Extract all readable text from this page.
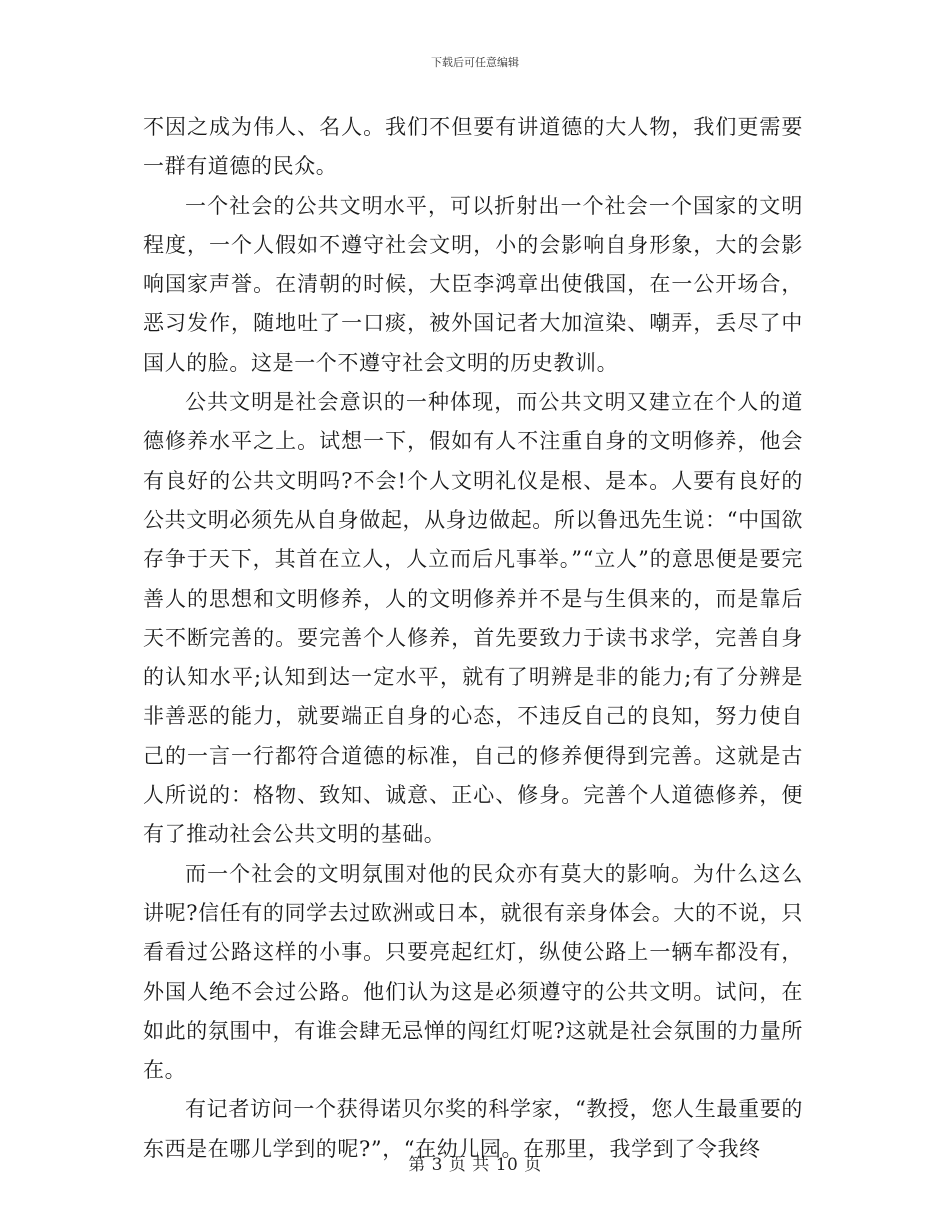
下载后可任意编辑

不因之成为伟人、名人。我们不但要有讲道德的大人物，我们更需要一群有道德的民众。

一个社会的公共文明水平，可以折射出一个社会一个国家的文明程度，一个人假如不遵守社会文明，小的会影响自身形象，大的会影响国家声誉。在清朝的时候，大臣李鸿章出使俄国，在一公开场合，恶习发作，随地吐了一口痰，被外国记者大加渲染、嘲弄，丢尽了中国人的脸。这是一个不遵守社会文明的历史教训。

公共文明是社会意识的一种体现，而公共文明又建立在个人的道德修养水平之上。试想一下，假如有人不注重自身的文明修养，他会有良好的公共文明吗?不会!个人文明礼仪是根、是本。人要有良好的公共文明必须先从自身做起，从身边做起。所以鲁迅先生说：“中国欲存争于天下，其首在立人，人立而后凡事举。”“立人”的意思便是要完善人的思想和文明修养，人的文明修养并不是与生俱来的，而是靠后天不断完善的。要完善个人修养，首先要致力于读书求学，完善自身的认知水平;认知到达一定水平，就有了明辨是非的能力;有了分辨是非善恶的能力，就要端正自身的心态，不违反自己的良知，努力使自己的一言一行都符合道德的标准，自己的修养便得到完善。这就是古人所说的：格物、致知、诚意、正心、修身。完善个人道德修养，便有了推动社会公共文明的基础。

而一个社会的文明氛围对他的民众亦有莫大的影响。为什么这么讲呢?信任有的同学去过欧洲或日本，就很有亲身体会。大的不说，只看看过公路这样的小事。只要亮起红灯，纵使公路上一辆车都没有，外国人绝不会过公路。他们认为这是必须遵守的公共文明。试问，在如此的氛围中，有谁会肆无忌惮的闯红灯呢?这就是社会氛围的力量所在。

有记者访问一个获得诺贝尔奖的科学家，“教授，您人生最重要的东西是在哪儿学到的呢?”，“在幼儿园。在那里，我学到了令我终

第 3 页 共 10 页
